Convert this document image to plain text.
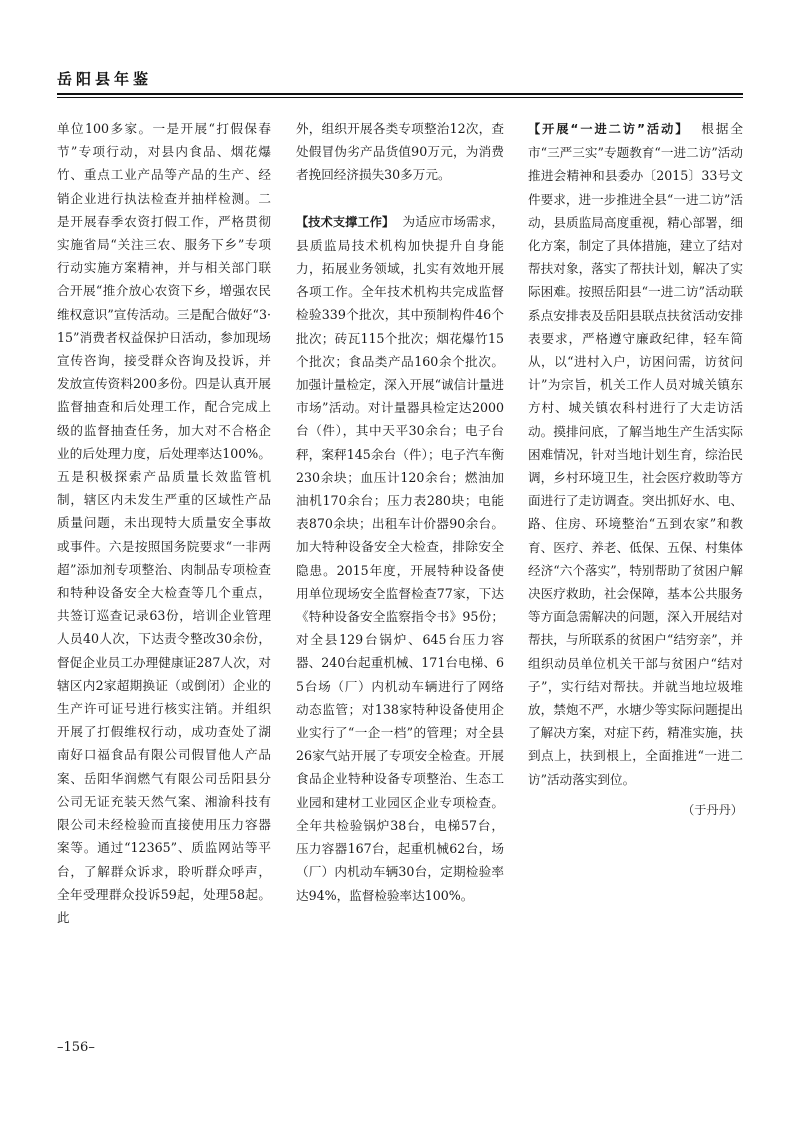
岳阳县年鉴

单位100多家。一是开展“打假保春节”专项行动，对县内食品、烟花爆竹、重点工业产品等产品的生产、经销企业进行执法检查并抽样检测。二是开展春季农资打假工作，严格贯彻实施省局“关注三农、服务下乡”专项行动实施方案精神，并与相关部门联合开展“推介放心农资下乡，增强农民维权意识”宣传活动。三是配合做好“3·15”消费者权益保护日活动，参加现场宣传咨询，接受群众咨询及投诉，并发放宣传资料200多份。四是认真开展监督抽查和后处理工作，配合完成上级的监督抽查任务，加大对不合格企业的后处理力度，后处理率达100%。五是积极探索产品质量长效监管机制，辖区内未发生严重的区域性产品质量问题，未出现特大质量安全事故或事件。六是按照国务院要求“一非两超”添加剂专项整治、肉制品专项检查和特种设备安全大检查等几个重点，共签订巡查记录63份，培训企业管理人员40人次，下达责令整改30余份，督促企业员工办理健康证287人次，对辖区内2家超期换证（或倒闭）企业的生产许可证号进行核实注销。并组织开展了打假维权行动，成功查处了湖南好口福食品有限公司假冒他人产品案、岳阳华润燃气有限公司岳阳县分公司无证充装天然气案、湘渝科技有限公司未经检验而直接使用压力容器案等。通过“12365”、质监网站等平台，了解群众诉求，聆听群众呼声，全年受理群众投诉59起，处理58起。此

外，组织开展各类专项整治12次，查处假冒伪劣产品货值90万元，为消费者挽回经济损失30多万元。

【技术支撑工作】 为适应市场需求，县质监局技术机构加快提升自身能力，拓展业务领域，扎实有效地开展各项工作。全年技术机构共完成监督检验339个批次，其中预制构件46个批次；砖瓦115个批次；烟花爆竹15个批次；食品类产品160余个批次。加强计量检定，深入开展“诚信计量进市场”活动。对计量器具检定达2000台（件），其中天平30余台；电子台秤，案秤145余台（件）；电子汽车衡230余块；血压计120余台；燃油加油机170余台；压力表280块；电能表870余块；出租车计价器90余台。加大特种设备安全大检查，排除安全隐患。2015年度，开展特种设备使用单位现场安全监督检查77家，下达《特种设备安全监察指令书》95份；对全县129台锅炉、645台压力容器、240台起重机械、171台电梯、65台场（厂）内机动车辆进行了网络动态监管；对138家特种设备使用企业实行了“一企一档”的管理；对全县26家气站开展了专项安全检查。开展食品企业特种设备专项整治、生态工业园和建材工业园区企业专项检查。全年共检验锅炉38台，电梯57台，压力容器167台，起重机械62台，场（厂）内机动车辆30台，定期检验率达94%，监督检验率达100%。

【开展“一进二访”活动】 根据全市“三严三实”专题教育“一进二访”活动推进会精神和县委办〔2015〕33号文件要求，进一步推进全县“一进二访”活动，县质监局高度重视，精心部署，细化方案，制定了具体措施，建立了结对帮扶对象，落实了帮扶计划，解决了实际困难。按照岳阳县“一进二访”活动联系点安排表及岳阳县联点扶贫活动安排表要求，严格遵守廉政纪律，轻车简从，以“进村入户，访困问需，访贫问计”为宗旨，机关工作人员对城关镇东方村、城关镇农科村进行了大走访活动。摸排问底，了解当地生产生活实际困难情况，针对当地计划生育，综治民调，乡村环境卫生，社会医疗救助等方面进行了走访调查。突出抓好水、电、路、住房、环境整治“五到农家”和教育、医疗、养老、低保、五保、村集体经济“六个落实”，特别帮助了贫困户解决医疗救助，社会保障，基本公共服务等方面急需解决的问题，深入开展结对帮扶，与所联系的贫困户“结穷亲”，并组织动员单位机关干部与贫困户“结对子”，实行结对帮扶。并就当地垃圾堆放，禁炮不严，水塘少等实际问题提出了解决方案，对症下药，精准实施，扶到点上，扶到根上，全面推进“一进二访”活动落实到位。

（于丹丹）
–156–
